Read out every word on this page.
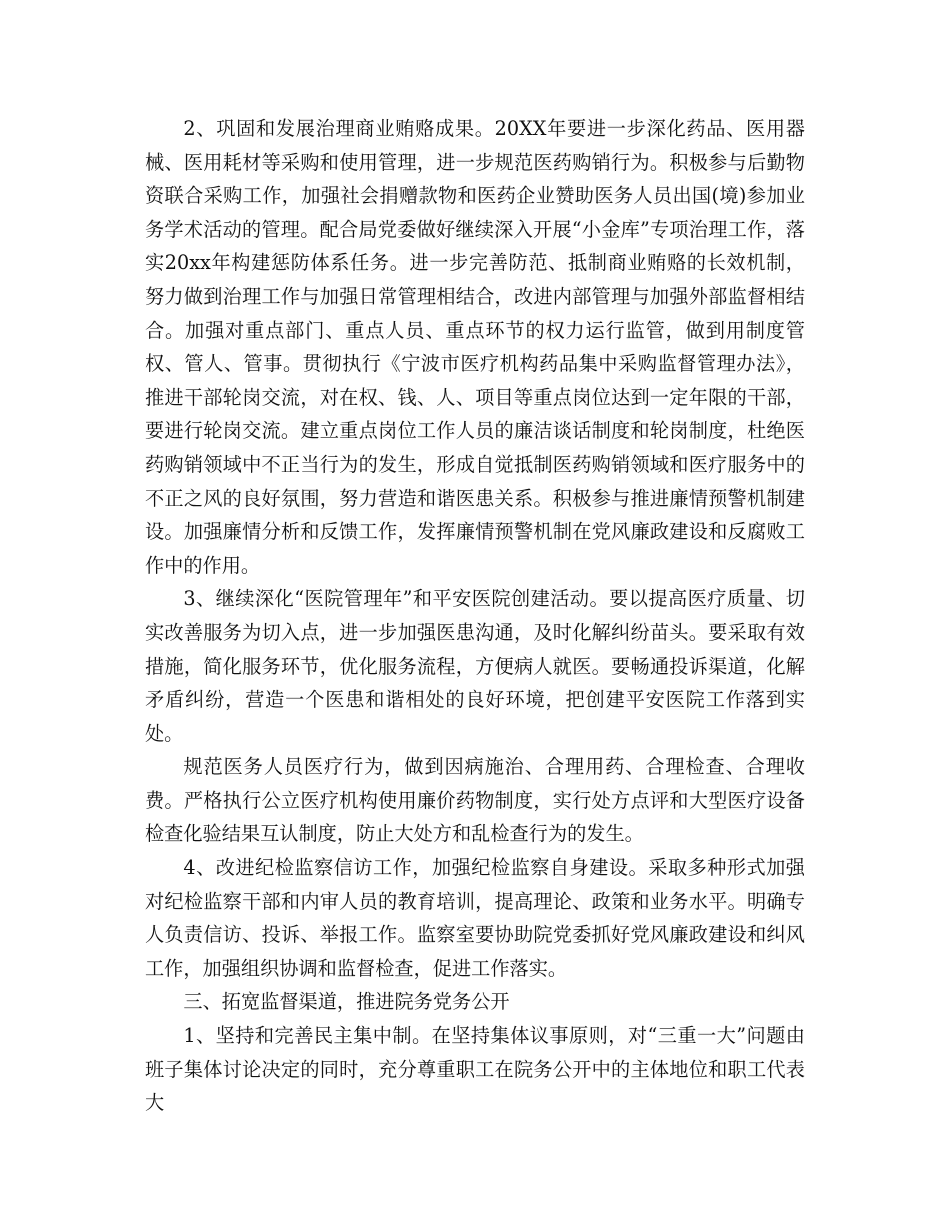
2、巩固和发展治理商业贿赂成果。20XX年要进一步深化药品、医用器械、医用耗材等采购和使用管理，进一步规范医药购销行为。积极参与后勤物资联合采购工作，加强社会捐赠款物和医药企业赞助医务人员出国(境)参加业务学术活动的管理。配合局党委做好继续深入开展“小金库”专项治理工作，落实20xx年构建惩防体系任务。进一步完善防范、抵制商业贿赂的长效机制，努力做到治理工作与加强日常管理相结合，改进内部管理与加强外部监督相结合。加强对重点部门、重点人员、重点环节的权力运行监管，做到用制度管权、管人、管事。贯彻执行《宁波市医疗机构药品集中采购监督管理办法》，推进干部轮岗交流，对在权、钱、人、项目等重点岗位达到一定年限的干部，要进行轮岗交流。建立重点岗位工作人员的廉洁谈话制度和轮岗制度，杜绝医药购销领域中不正当行为的发生，形成自觉抵制医药购销领域和医疗服务中的不正之风的良好氛围，努力营造和谐医患关系。积极参与推进廉情预警机制建设。加强廉情分析和反馈工作，发挥廉情预警机制在党风廉政建设和反腐败工作中的作用。

3、继续深化“医院管理年”和平安医院创建活动。要以提高医疗质量、切实改善服务为切入点，进一步加强医患沟通，及时化解纠纷苗头。要采取有效措施，简化服务环节，优化服务流程，方便病人就医。要畅通投诉渠道，化解矛盾纠纷，营造一个医患和谐相处的良好环境，把创建平安医院工作落到实处。

规范医务人员医疗行为，做到因病施治、合理用药、合理检查、合理收费。严格执行公立医疗机构使用廉价药物制度，实行处方点评和大型医疗设备检查化验结果互认制度，防止大处方和乱检查行为的发生。

4、改进纪检监察信访工作，加强纪检监察自身建设。采取多种形式加强对纪检监察干部和内审人员的教育培训，提高理论、政策和业务水平。明确专人负责信访、投诉、举报工作。监察室要协助院党委抓好党风廉政建设和纠风工作，加强组织协调和监督检查，促进工作落实。

三、拓宽监督渠道，推进院务党务公开

1、坚持和完善民主集中制。在坚持集体议事原则，对“三重一大”问题由班子集体讨论决定的同时，充分尊重职工在院务公开中的主体地位和职工代表大
